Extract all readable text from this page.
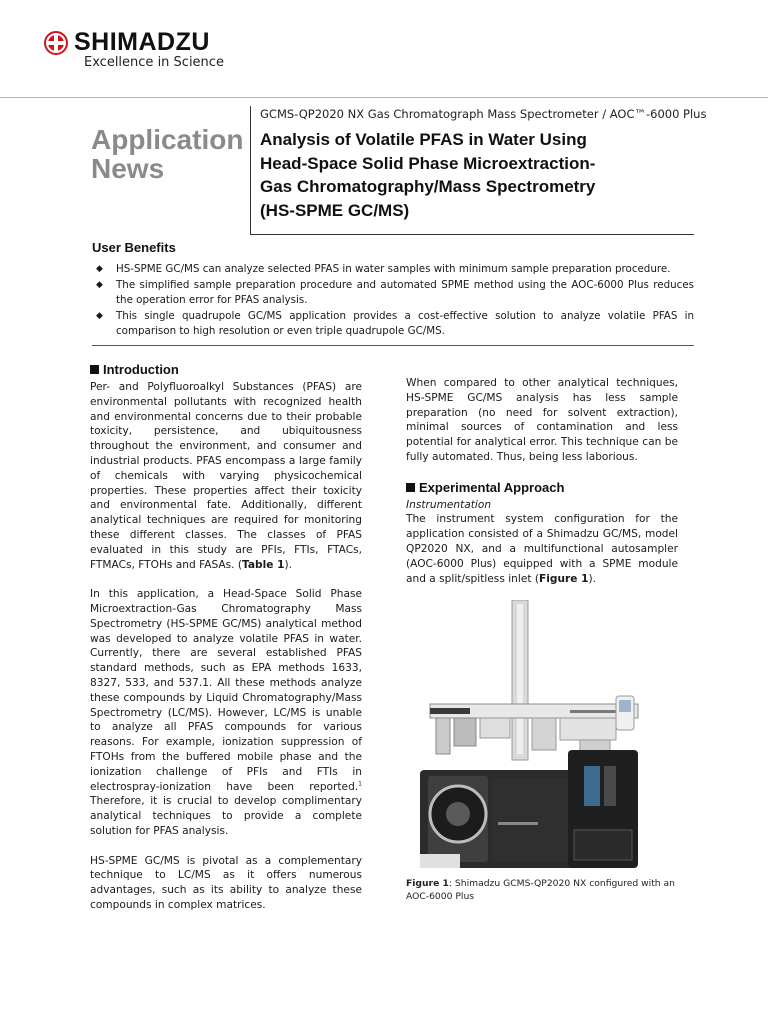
SHIMADZU
Excellence in Science
Application
News
GCMS-QP2020 NX Gas Chromatograph Mass Spectrometer / AOC™-6000 Plus
Analysis of Volatile PFAS in Water Using
Head-Space Solid Phase Microextraction-
Gas Chromatography/Mass Spectrometry
(HS-SPME GC/MS)
User Benefits
◆ HS-SPME GC/MS can analyze selected PFAS in water samples with minimum sample preparation procedure.
◆ The simplified sample preparation procedure and automated SPME method using the AOC-6000 Plus reduces the operation error for PFAS analysis.
◆ This single quadrupole GC/MS application provides a cost-effective solution to analyze volatile PFAS in comparison to high resolution or even triple quadrupole GC/MS.
Introduction

Per- and Polyfluoroalkyl Substances (PFAS) are environmental pollutants with recognized health and environmental concerns due to their probable toxicity, persistence, and ubiquitousness throughout the environment, and consumer and industrial products. PFAS encompass a large family of chemicals with varying physicochemical properties. These properties affect their toxicity and environmental fate. Additionally, different analytical techniques are required for monitoring these different classes. The classes of PFAS evaluated in this study are PFIs, FTIs, FTACs, FTMACs, FTOHs and FASAs. (Table 1).

In this application, a Head-Space Solid Phase Microextraction-Gas Chromatography Mass Spectrometry (HS-SPME GC/MS) analytical method was developed to analyze volatile PFAS in water. Currently, there are several established PFAS standard methods, such as EPA methods 1633, 8327, 533, and 537.1. All these methods analyze these compounds by Liquid Chromatography/Mass Spectrometry (LC/MS). However, LC/MS is unable to analyze all PFAS compounds for various reasons. For example, ionization suppression of FTOHs from the buffered mobile phase and the ionization challenge of PFIs and FTIs in electrospray-ionization have been reported.$^1$ Therefore, it is crucial to develop complimentary analytical techniques to provide a complete solution for PFAS analysis.

HS-SPME GC/MS is pivotal as a complementary technique to LC/MS as it offers numerous advantages, such as its ability to analyze these compounds in complex matrices.

When compared to other analytical techniques, HS-SPME GC/MS analysis has less sample preparation (no need for solvent extraction), minimal sources of contamination and less potential for analytical error. This technique can be fully automated. Thus, being less laborious.

Experimental Approach
Instrumentation

The instrument system configuration for the application consisted of a Shimadzu GC/MS, model QP2020 NX, and a multifunctional autosampler (AOC-6000 Plus) equipped with a SPME module and a split/spitless inlet (Figure 1).

Figure 1: Shimadzu GCMS-QP2020 NX configured with an AOC-6000 Plus
